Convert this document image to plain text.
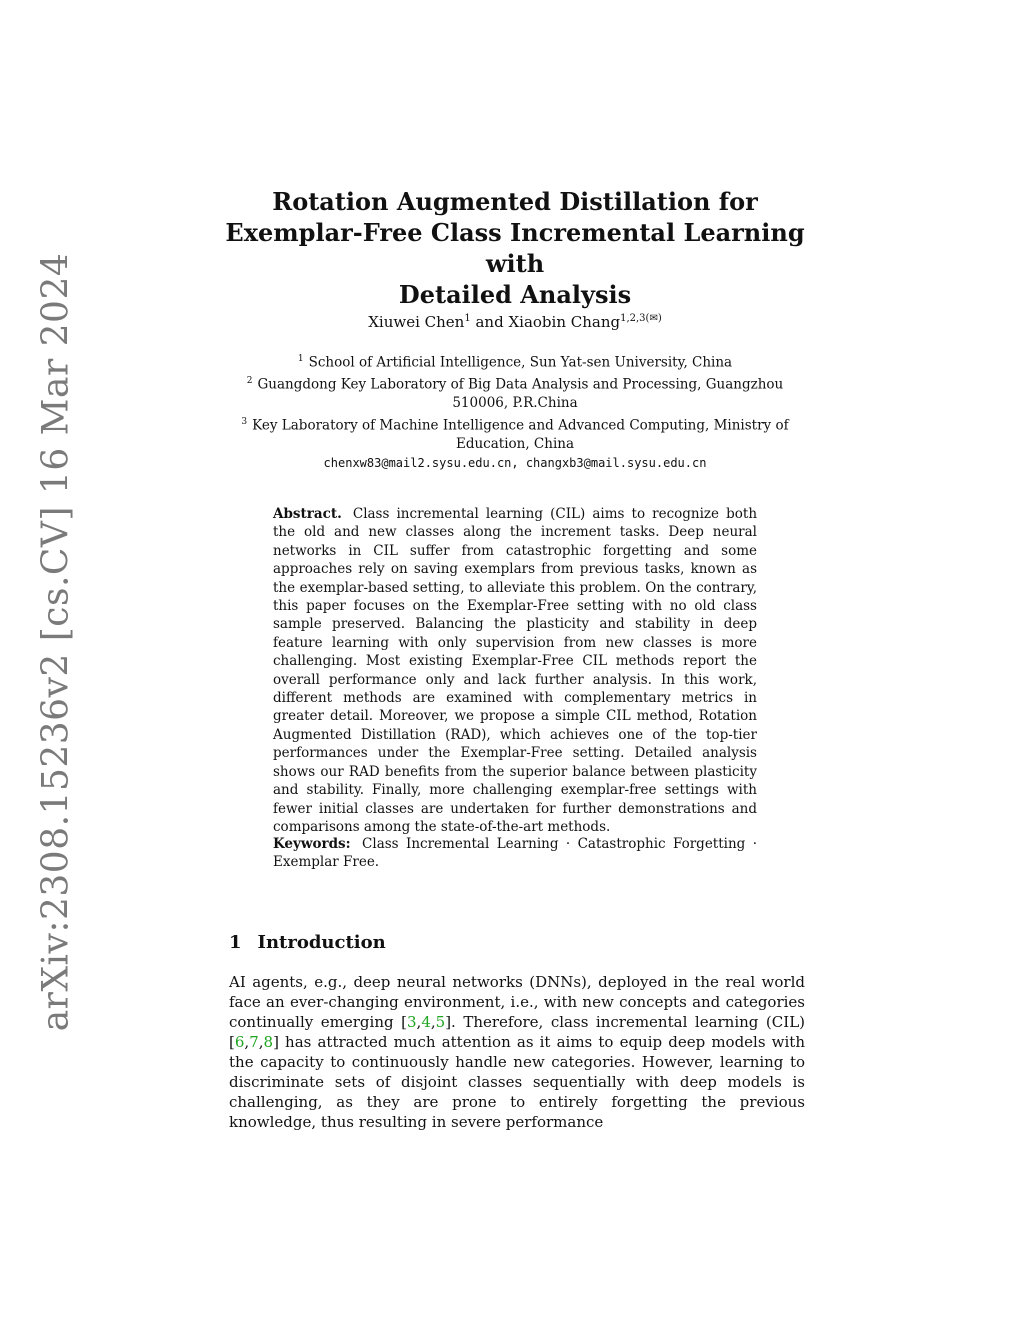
arXiv:2308.15236v2 [cs.CV] 16 Mar 2024
Rotation Augmented Distillation for
Exemplar-Free Class Incremental Learning with
Detailed Analysis
Xiuwei Chen$^1$ and Xiaobin Chang$^{1,2,3(✉)}$
$^1$ School of Artificial Intelligence, Sun Yat-sen University, China
$^2$ Guangdong Key Laboratory of Big Data Analysis and Processing, Guangzhou 510006, P.R.China
$^3$ Key Laboratory of Machine Intelligence and Advanced Computing, Ministry of Education, China
chenxw83@mail2.sysu.edu.cn, changxb3@mail.sysu.edu.cn
Abstract. Class incremental learning (CIL) aims to recognize both the old and new classes along the increment tasks. Deep neural networks in CIL suffer from catastrophic forgetting and some approaches rely on saving exemplars from previous tasks, known as the exemplar-based setting, to alleviate this problem. On the contrary, this paper focuses on the Exemplar-Free setting with no old class sample preserved. Balancing the plasticity and stability in deep feature learning with only supervision from new classes is more challenging. Most existing Exemplar-Free CIL methods report the overall performance only and lack further analysis. In this work, different methods are examined with complementary metrics in greater detail. Moreover, we propose a simple CIL method, Rotation Augmented Distillation (RAD), which achieves one of the top-tier performances under the Exemplar-Free setting. Detailed analysis shows our RAD benefits from the superior balance between plasticity and stability. Finally, more challenging exemplar-free settings with fewer initial classes are undertaken for further demonstrations and comparisons among the state-of-the-art methods.
Keywords: Class Incremental Learning · Catastrophic Forgetting · Exemplar Free.
1 Introduction
AI agents, e.g., deep neural networks (DNNs), deployed in the real world face an ever-changing environment, i.e., with new concepts and categories continually emerging [3,4,5]. Therefore, class incremental learning (CIL) [6,7,8] has attracted much attention as it aims to equip deep models with the capacity to continuously handle new categories. However, learning to discriminate sets of disjoint classes sequentially with deep models is challenging, as they are prone to entirely forgetting the previous knowledge, thus resulting in severe performance
